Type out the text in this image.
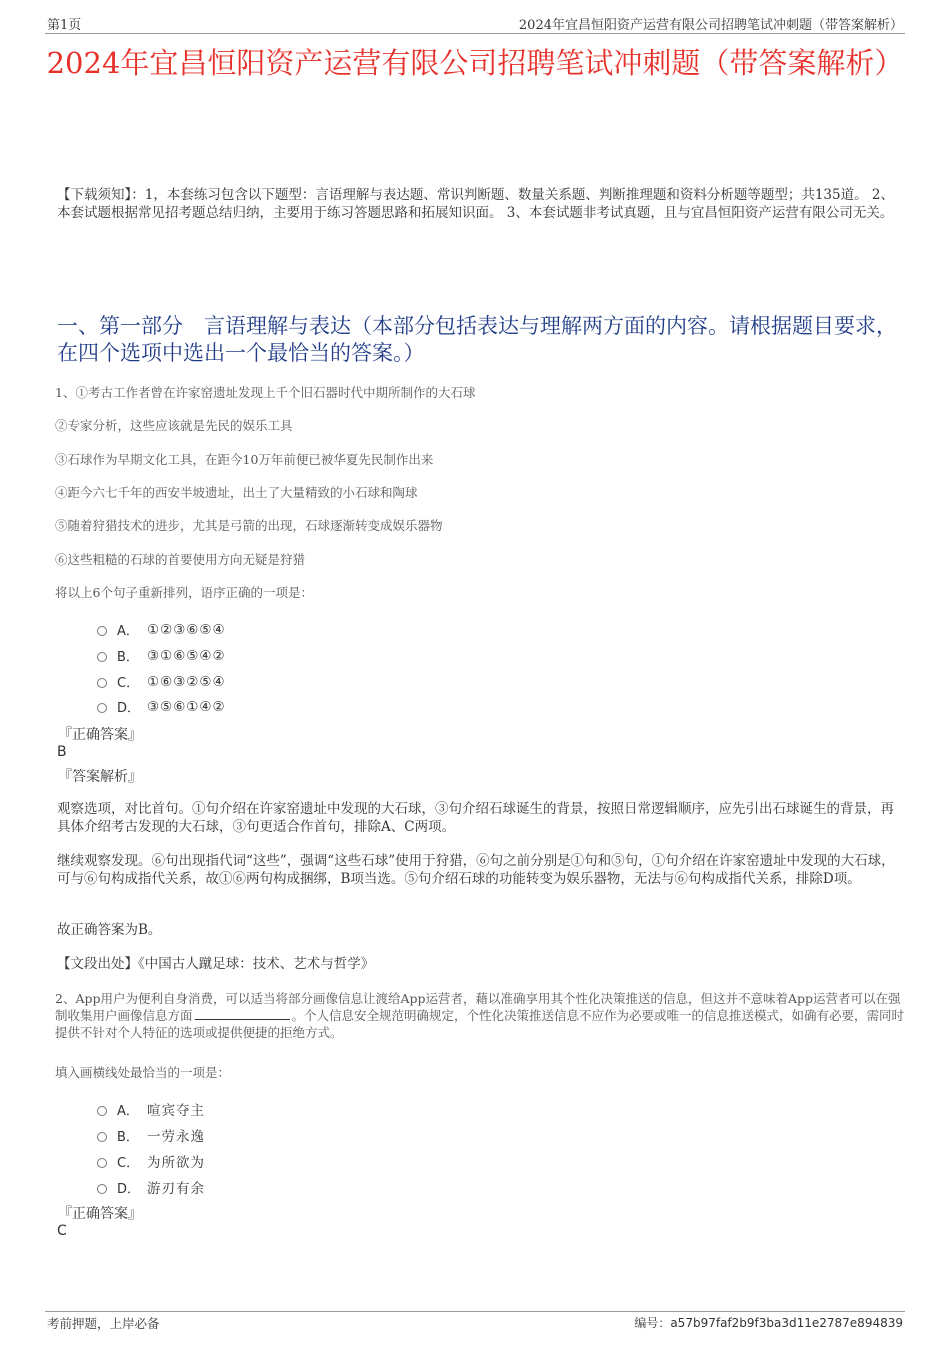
第1页	2024年宜昌恒阳资产运营有限公司招聘笔试冲刺题（带答案解析）
2024年宜昌恒阳资产运营有限公司招聘笔试冲刺题（带答案解析）
【下载须知】：1，本套练习包含以下题型：言语理解与表达题、常识判断题、数量关系题、判断推理题和资料分析题等题型；共135道。 2、本套试题根据常见招考题总结归纳，主要用于练习答题思路和拓展知识面。 3、本套试题非考试真题，且与宜昌恒阳资产运营有限公司无关。
一、第一部分　言语理解与表达（本部分包括表达与理解两方面的内容。请根据题目要求，在四个选项中选出一个最恰当的答案。）
1、①考古工作者曾在许家窑遗址发现上千个旧石器时代中期所制作的大石球
②专家分析，这些应该就是先民的娱乐工具
③石球作为早期文化工具，在距今10万年前便已被华夏先民制作出来
④距今六七千年的西安半坡遗址，出土了大量精致的小石球和陶球
⑤随着狩猎技术的进步，尤其是弓箭的出现，石球逐渐转变成娱乐器物
⑥这些粗糙的石球的首要使用方向无疑是狩猎
将以上6个句子重新排列，语序正确的一项是：
A． ①②③⑥⑤④
B． ③①⑥⑤④②
C． ①⑥③②⑤④
D． ③⑤⑥①④②
『正确答案』
B
『答案解析』
观察选项，对比首句。①句介绍在许家窑遗址中发现的大石球，③句介绍石球诞生的背景，按照日常逻辑顺序，应先引出石球诞生的背景，再具体介绍考古发现的大石球，③句更适合作首句，排除A、C两项。
继续观察发现。⑥句出现指代词“这些”，强调“这些石球”使用于狩猎，⑥句之前分别是①句和⑤句，①句介绍在许家窑遗址中发现的大石球，可与⑥句构成指代关系，故①⑥两句构成捆绑，B项当选。⑤句介绍石球的功能转变为娱乐器物，无法与⑥句构成指代关系，排除D项。
故正确答案为B。
【文段出处】《中国古人蹴足球：技术、艺术与哲学》
2、App用户为便利自身消费，可以适当将部分画像信息让渡给App运营者，藉以准确享用其个性化决策推送的信息，但这并不意味着App运营者可以在强制收集用户画像信息方面	。个人信息安全规范明确规定，个性化决策推送信息不应作为必要或唯一的信息推送模式，如确有必要，需同时提供不针对个人特征的选项或提供便捷的拒绝方式。
填入画横线处最恰当的一项是：
A． 喧宾夺主
B． 一劳永逸
C． 为所欲为
D． 游刃有余
『正确答案』
C
考前押题，上岸必备	编号：a57b97faf2b9f3ba3d11e2787e894839
